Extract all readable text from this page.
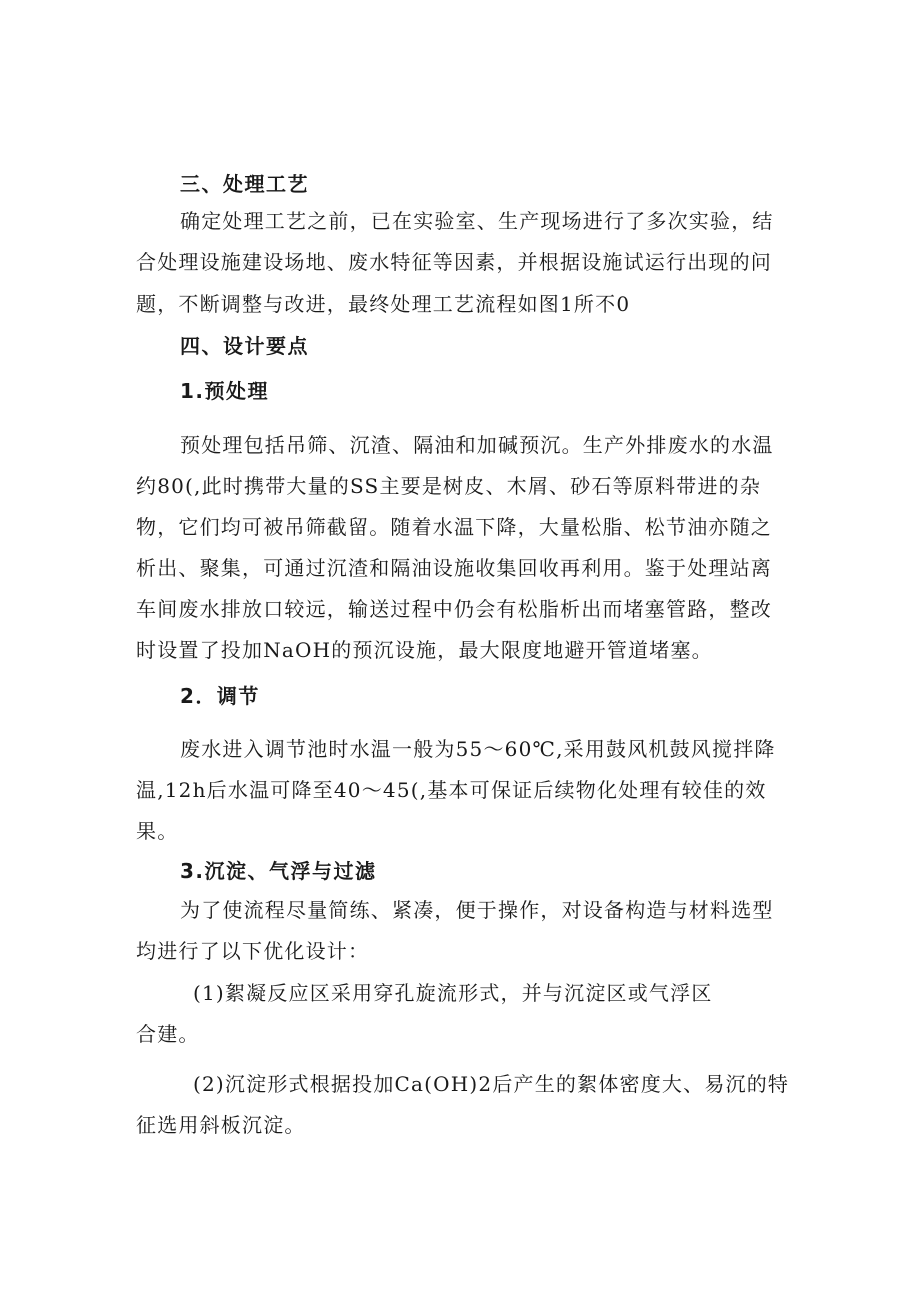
三、处理工艺
确定处理工艺之前，已在实验室、生产现场进行了多次实验，结
合处理设施建设场地、废水特征等因素，并根据设施试运行出现的问
题，不断调整与改进，最终处理工艺流程如图1所不0
四、设计要点
1.预处理
预处理包括吊筛、沉渣、隔油和加碱预沉。生产外排废水的水温
约80(,此时携带大量的SS主要是树皮、木屑、砂石等原料带进的杂
物，它们均可被吊筛截留。随着水温下降，大量松脂、松节油亦随之
析出、聚集，可通过沉渣和隔油设施收集回收再利用。鉴于处理站离
车间废水排放口较远，输送过程中仍会有松脂析出而堵塞管路，整改
时设置了投加NaOH的预沉设施，最大限度地避开管道堵塞。
2．调节
废水进入调节池时水温一般为55～60℃,采用鼓风机鼓风搅拌降
温,12h后水温可降至40～45(,基本可保证后续物化处理有较佳的效
果。
3.沉淀、气浮与过滤
为了使流程尽量简练、紧凑，便于操作，对设备构造与材料选型
均进行了以下优化设计：
(1)絮凝反应区采用穿孔旋流形式，并与沉淀区或气浮区
合建。
(2)沉淀形式根据投加Ca(OH)2后产生的絮体密度大、易沉的特
征选用斜板沉淀。
